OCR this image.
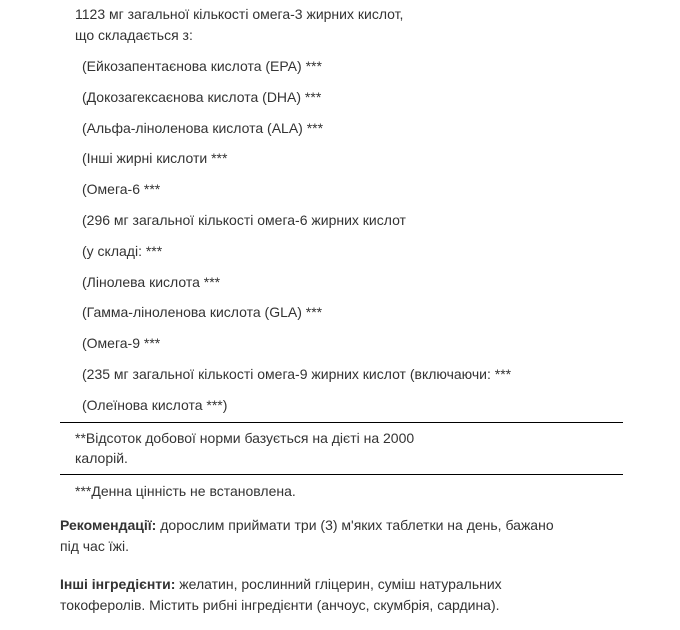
1123 мг загальної кількості омега-3 жирних кислот,
що складається з:
(Ейкозапентаєнова кислота (EPA) ***
(Докозагексаєнова кислота (DHA) ***
(Альфа-ліноленова кислота (ALA) ***
(Інші жирні кислоти ***
(Омега-6 ***
(296 мг загальної кількості омега-6 жирних кислот
(у складі: ***
(Лінолева кислота ***
(Гамма-ліноленова кислота (GLA) ***
(Омега-9 ***
(235 мг загальної кількості омега-9 жирних кислот (включаючи: ***
(Олеїнова кислота ***)
**Відсоток добової норми базується на дієті на 2000
калорій.
***Денна цінність не встановлена.
Рекомендації: дорослим приймати три (3) м'яких таблетки на день, бажано
під час їжі.
Інші інгредієнти: желатин, рослинний гліцерин, суміш натуральних
токоферолів. Містить рибні інгредієнти (анчоус, скумбрія, сардина).
